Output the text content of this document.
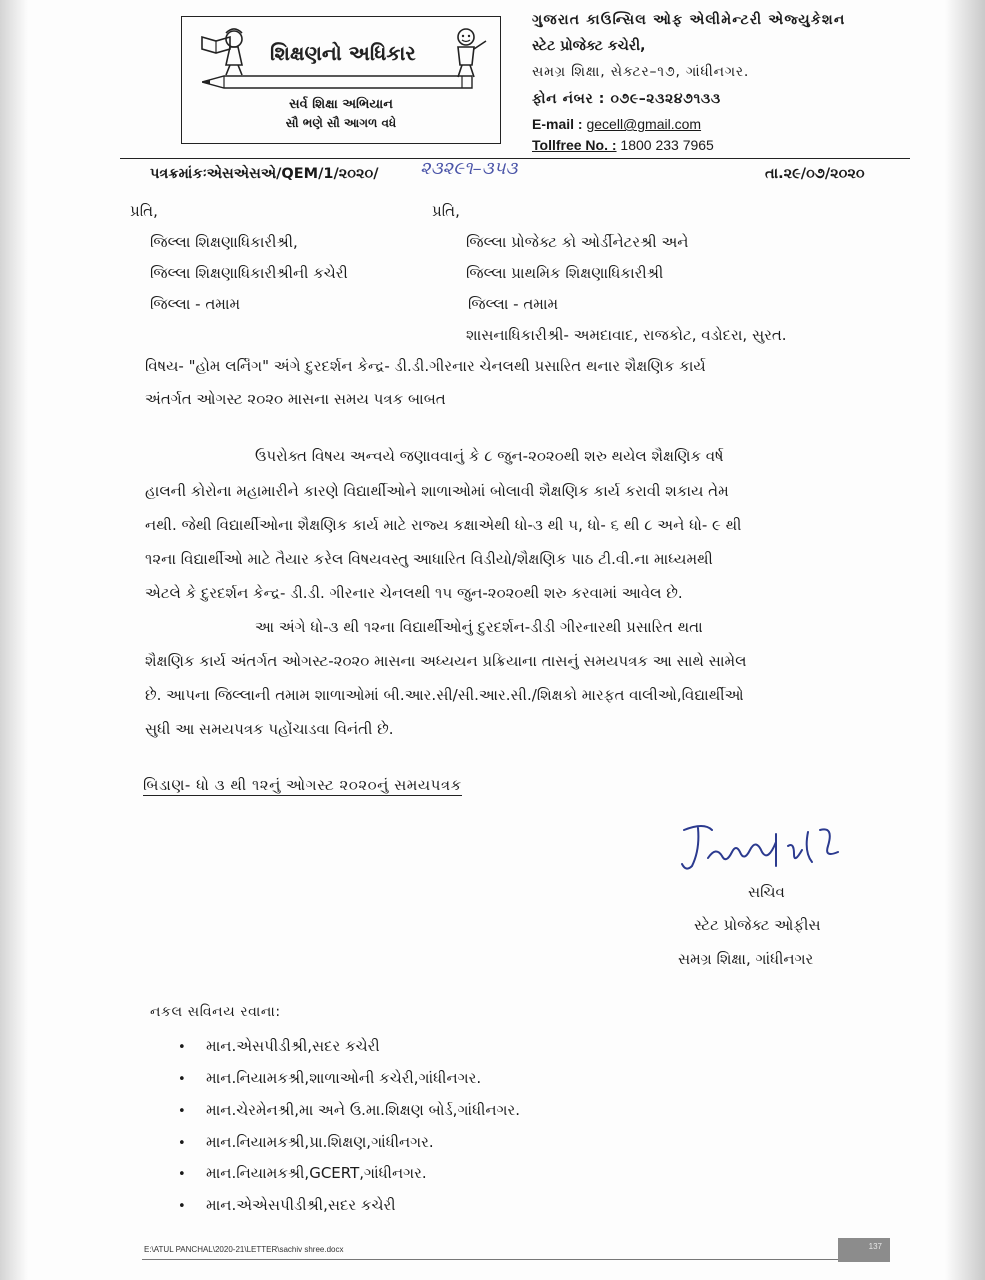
શિક્ષણનો અધિકાર
સર્વ શિક્ષા અભિયાન
સૌ ભણે સૌ આગળ વધે
ગુજરાત કાઉન્સિલ ઓફ એલીમેન્ટરી એજ્યુકેશન
સ્ટેટ પ્રોજેક્ટ કચેરી,
સમગ્ર શિક્ષા, સેક્ટર–૧૭, ગાંધીનગર.
ફોન નંબર : ૦૭૯–૨૩૨૪૭૧૩૩
E-mail : gecell@gmail.com
Tollfree No. : 1800 233 7965
પત્રક્રમાંકઃએસએસએ/QEM/1/૨૦૨૦/ ૨૩૨૯૧–૩૫૩	તા.૨૯/૦૭/૨૦૨૦
પ્રતિ,	પ્રતિ,
જિલ્લા શિક્ષણાધિકારીશ્રી,
જિલ્લા શિક્ષણાધિકારીશ્રીની કચેરી
જિલ્લા - તમામ
જિલ્લા પ્રોજેક્ટ કો ઓર્ડીનેટરશ્રી અને
જિલ્લા પ્રાથમિક શિક્ષણાધિકારીશ્રી
જિલ્લા - તમામ
શાસનાધિકારીશ્રી- અમદાવાદ, રાજકોટ, વડોદરા, સુરત.
વિષય- "હોમ લર્નિંગ" અંગે દુરદર્શન કેન્દ્ર- ડી.ડી.ગીરનાર ચેનલથી પ્રસારિત થનાર શૈક્ષણિક કાર્ય
અંતર્ગત ઓગસ્ટ ૨૦૨૦ માસના સમય પત્રક બાબત
ઉપરોક્ત વિષય અન્વયે જણાવવાનું કે ૮ જુન-૨૦૨૦થી શરુ થયેલ શૈક્ષણિક વર્ષ
હાલની કોરોના મહામારીને કારણે વિદ્યાર્થીઓને શાળાઓમાં બોલાવી શૈક્ષણિક કાર્ય કરાવી શકાય તેમ
નથી. જેથી વિદ્યાર્થીઓના શૈક્ષણિક કાર્ય માટે રાજ્ય કક્ષાએથી ધો-૩ થી ૫, ધો- ૬ થી ૮ અને ધો- ૯ થી
૧૨ના વિદ્યાર્થીઓ માટે તૈયાર કરેલ વિષયવસ્તુ આધારિત વિડીયો/શૈક્ષણિક પાઠ ટી.વી.ના માધ્યમથી
એટલે કે દુરદર્શન કેન્દ્ર- ડી.ડી. ગીરનાર ચેનલથી ૧૫ જુન-૨૦૨૦થી શરુ કરવામાં આવેલ છે.
આ અંગે ધો-૩ થી ૧૨ના વિદ્યાર્થીઓનું દુરદર્શન-ડીડી ગીરનારથી પ્રસારિત થતા
શૈક્ષણિક કાર્ય અંતર્ગત ઓગસ્ટ-૨૦૨૦ માસના અધ્યયન પ્રક્રિયાના તાસનું સમયપત્રક આ સાથે સામેલ
છે. આપના જિલ્લાની તમામ શાળાઓમાં બી.આર.સી/સી.આર.સી./શિક્ષકો મારફત વાલીઓ,વિદ્યાર્થીઓ
સુધી આ સમયપત્રક પહોંચાડવા વિનંતી છે.
બિડાણ- ધો ૩ થી ૧૨નું ઓગસ્ટ ૨૦૨૦નું સમયપત્રક
સચિવ
સ્ટેટ પ્રોજેક્ટ ઓફીસ
સમગ્ર શિક્ષા, ગાંધીનગર
નકલ સવિનય રવાના:
• માન.એસપીડીશ્રી,સદર કચેરી
• માન.નિયામકશ્રી,શાળાઓની કચેરી,ગાંધીનગર.
• માન.ચેરમેનશ્રી,મા અને ઉ.મા.શિક્ષણ બોર્ડ,ગાંધીનગર.
• માન.નિયામકશ્રી,પ્રા.શિક્ષણ,ગાંધીનગર.
• માન.નિયામકશ્રી,GCERT,ગાંધીનગર.
• માન.એએસપીડીશ્રી,સદર કચેરી
E:\ATUL PANCHAL\2020-21\LETTER\sachiv shree.docx	137
